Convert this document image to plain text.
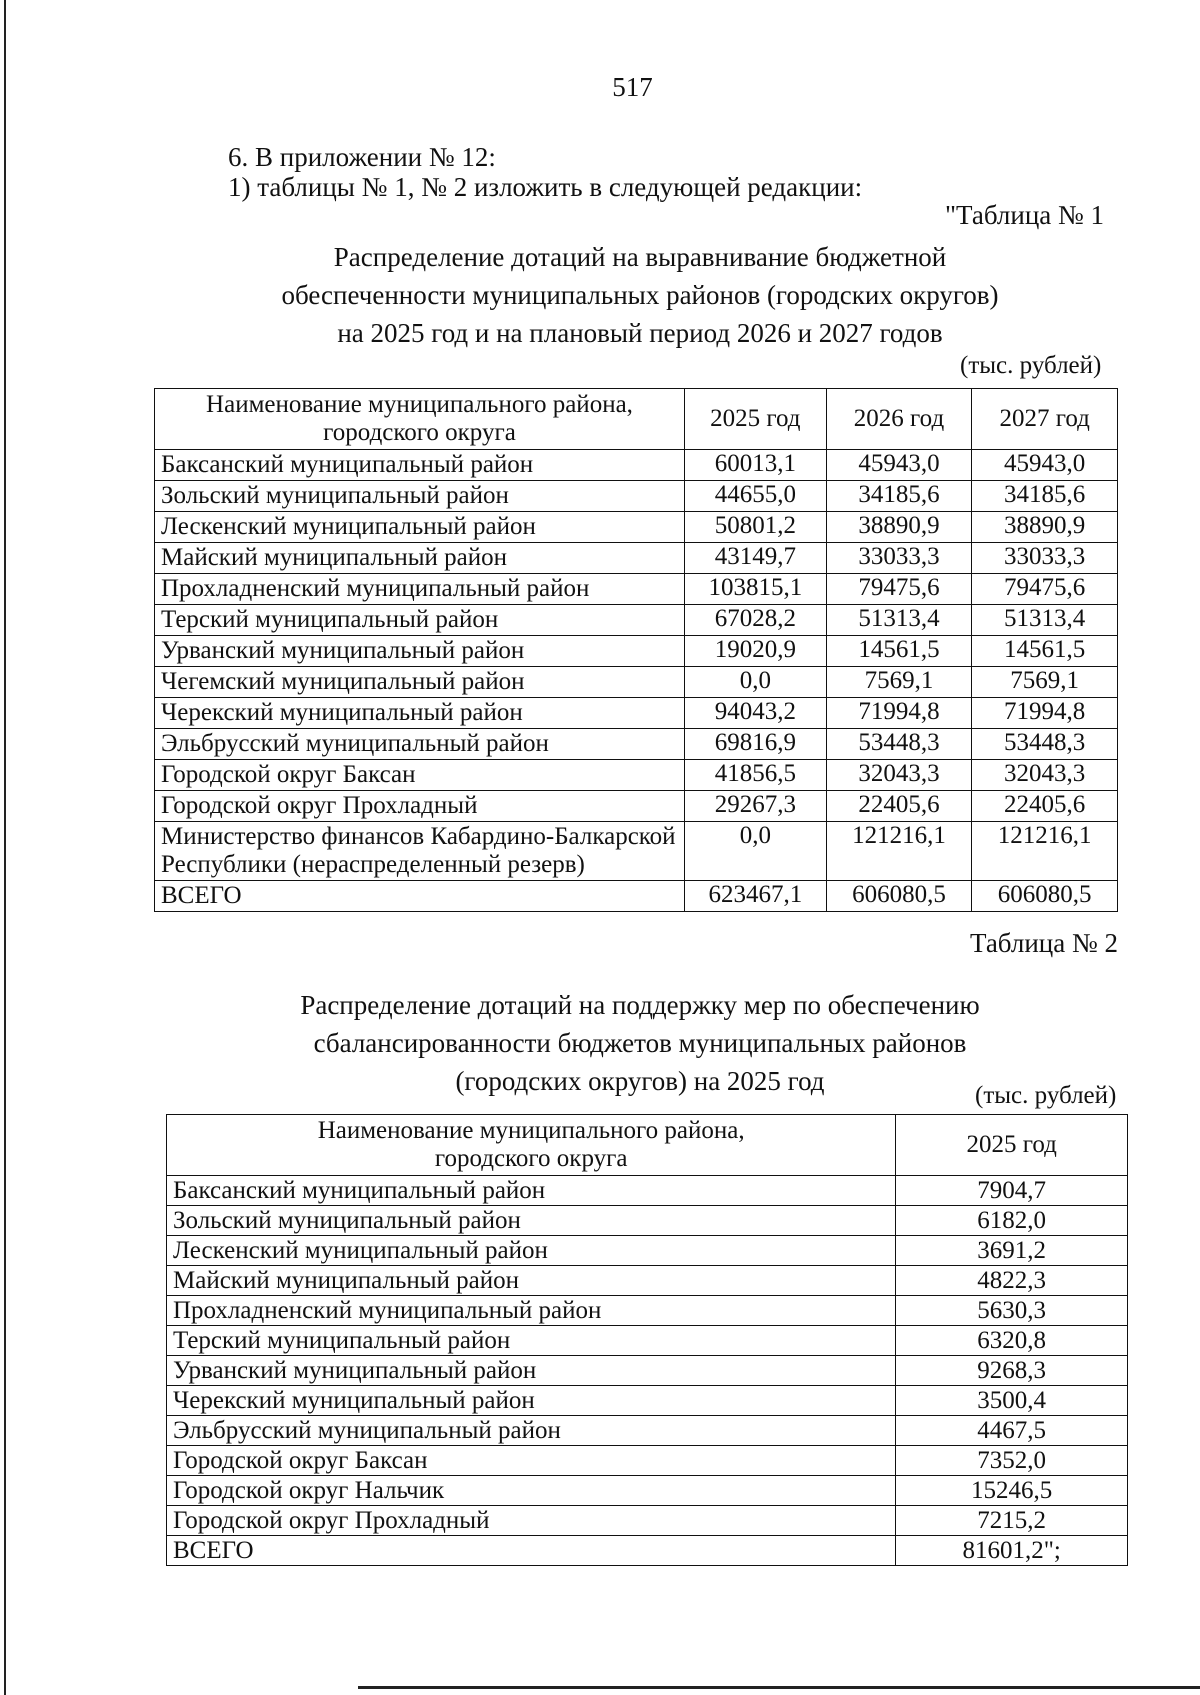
517
6. В приложении № 12:
1) таблицы № 1, № 2 изложить в следующей редакции:
"Таблица № 1
Распределение дотаций на выравнивание бюджетной
обеспеченности муниципальных районов (городских округов)
на 2025 год и на плановый период 2026 и 2027 годов
(тыс. рублей)
Наименование муниципального района,
городского округа	2025 год	2026 год	2027 год
Баксанский муниципальный район	60013,1	45943,0	45943,0
Зольский муниципальный район	44655,0	34185,6	34185,6
Лескенский муниципальный район	50801,2	38890,9	38890,9
Майский муниципальный район	43149,7	33033,3	33033,3
Прохладненский муниципальный район	103815,1	79475,6	79475,6
Терский муниципальный район	67028,2	51313,4	51313,4
Урванский муниципальный район	19020,9	14561,5	14561,5
Чегемский муниципальный район	0,0	7569,1	7569,1
Черекский муниципальный район	94043,2	71994,8	71994,8
Эльбрусский муниципальный район	69816,9	53448,3	53448,3
Городской округ Баксан	41856,5	32043,3	32043,3
Городской округ Прохладный	29267,3	22405,6	22405,6

Министерство финансов Кабардино-Балкарской
Республики (нераспределенный резерв)	0,0	121216,1	121216,1
ВСЕГО	623467,1	606080,5	606080,5
Таблица № 2
Распределение дотаций на поддержку мер по обеспечению
сбалансированности бюджетов муниципальных районов
(городских округов) на 2025 год	(тыс. рублей)
Наименование муниципального района,
городского округа	2025 год
Баксанский муниципальный район	7904,7
Зольский муниципальный район	6182,0
Лескенский муниципальный район	3691,2
Майский муниципальный район	4822,3
Прохладненский муниципальный район	5630,3
Терский муниципальный район	6320,8
Урванский муниципальный район	9268,3
Черекский муниципальный район	3500,4
Эльбрусский муниципальный район	4467,5
Городской округ Баксан	7352,0
Городской округ Нальчик	15246,5
Городской округ Прохладный	7215,2
ВСЕГО	81601,2";
